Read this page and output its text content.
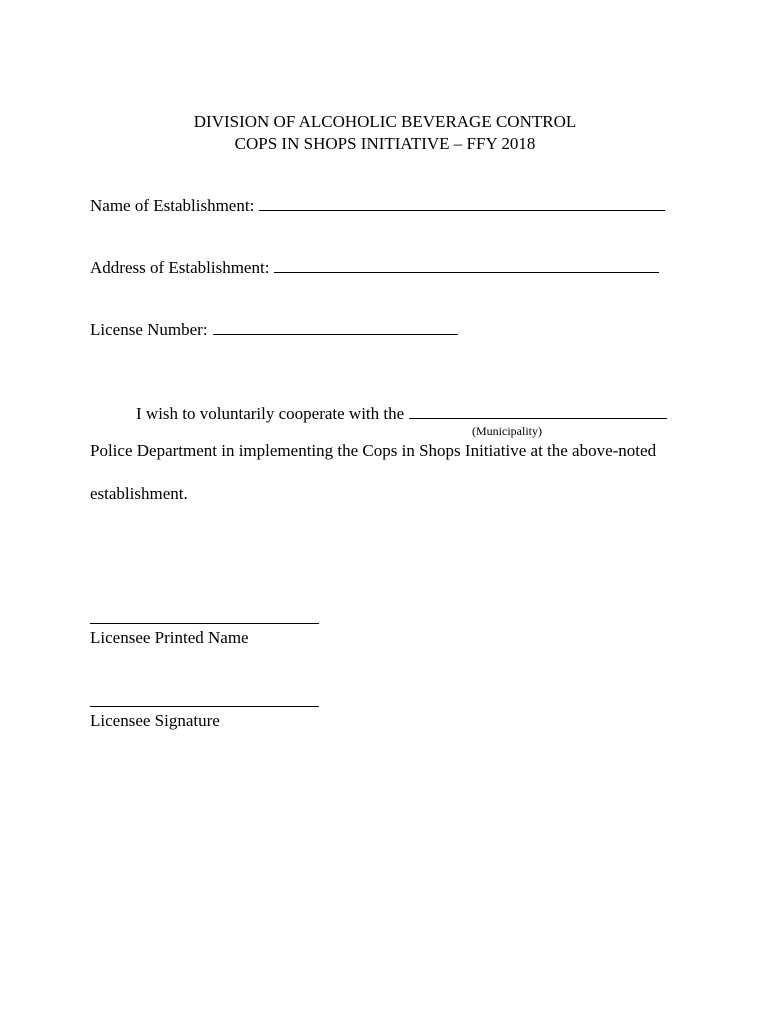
DIVISION OF ALCOHOLIC BEVERAGE CONTROL
COPS IN SHOPS INITIATIVE – FFY 2018
Name of Establishment:
Address of Establishment:
License Number:
I wish to voluntarily cooperate with the
(Municipality)
Police Department in implementing the Cops in Shops Initiative at the above-noted
establishment.
Licensee Printed Name
Licensee Signature
